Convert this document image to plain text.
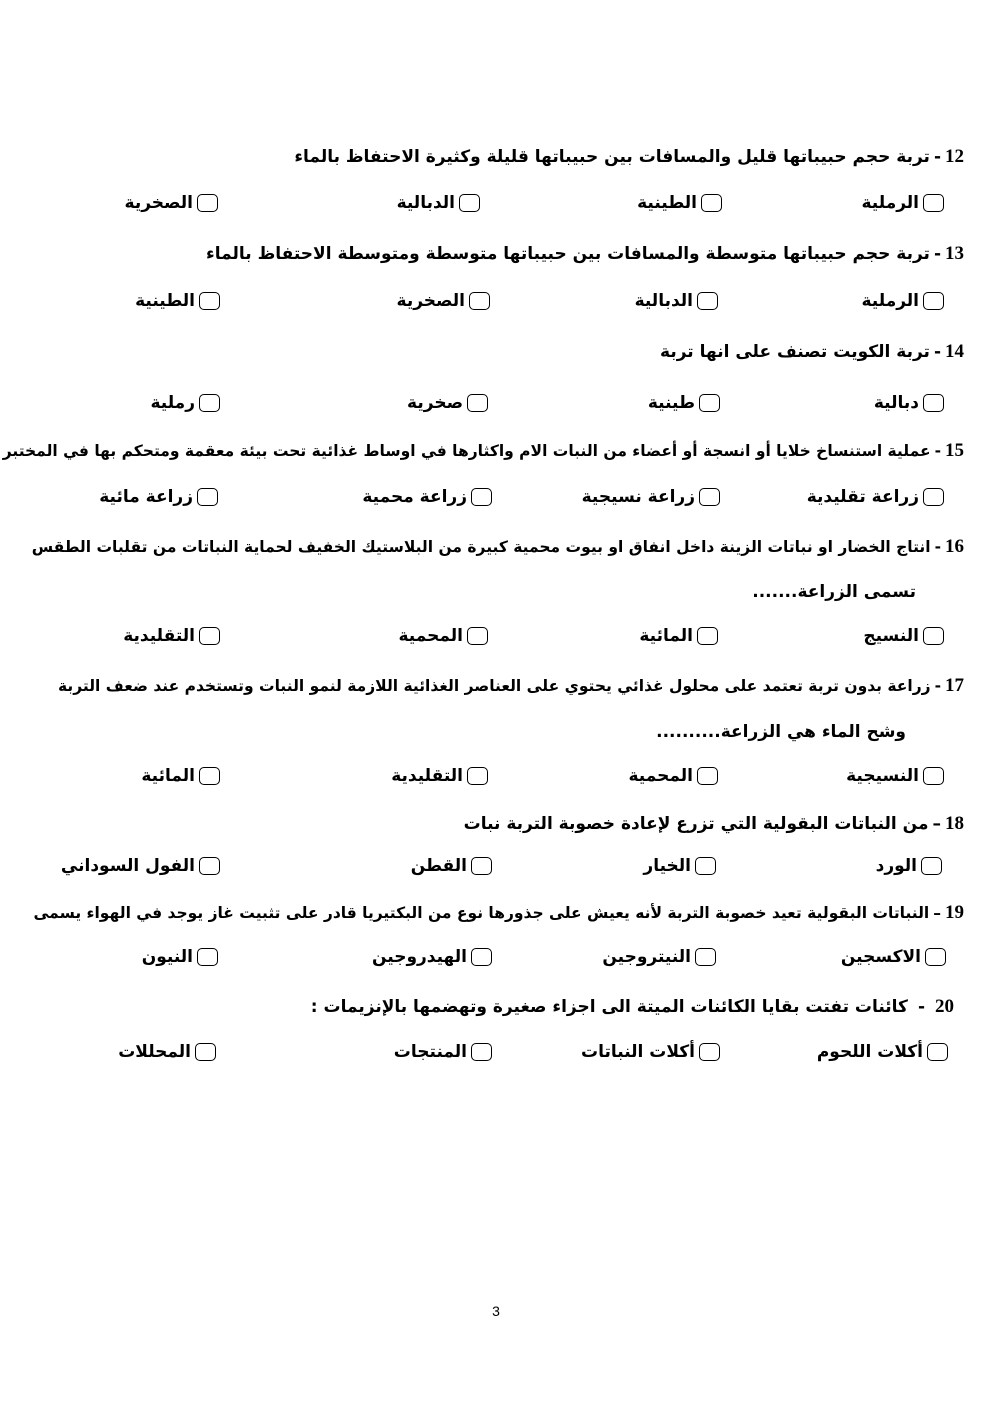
12-تربة حجم حبيباتها قليل والمسافات بين حبيباتها قليلة وكثيرة الاحتفاظ بالماء
الرملية
الطينية
الدبالية
الصخرية
13-تربة حجم حبيباتها متوسطة والمسافات بين حبيباتها متوسطة ومتوسطة الاحتفاظ بالماء
الرملية
الدبالية
الصخرية
الطينية
14-تربة الكويت تصنف على انها تربة
دبالية
طينية
صخرية
رملية
15-عملية استنساخ خلايا أو انسجة أو أعضاء من النبات الام واكثارها في اوساط غذائية تحت بيئة معقمة ومتحكم بها في المختبر
زراعة تقليدية
زراعة نسيجية
زراعة محمية
زراعة مائية
16-انتاج الخضار او نباتات الزينة داخل انفاق او بيوت محمية كبيرة من البلاستيك الخفيف لحماية النباتات من تقلبات الطقس
تسمى الزراعة.......
النسيج
المائية
المحمية
التقليدية
17-زراعة بدون تربة تعتمد على محلول غذائي يحتوي على العناصر الغذائية اللازمة لنمو النبات وتستخدم عند ضعف التربة
وشح الماء هي الزراعة..........
النسيجية
المحمية
التقليدية
المائية
18–من النباتات البقولية التي تزرع لإعادة خصوبة التربة نبات
الورد
الخيار
القطن
الفول السوداني
19–النباتات البقولية تعيد خصوبة التربة لأنه يعيش على جذورها نوع من البكتيريا قادر على تثبيت غاز يوجد في الهواء يسمى
الاكسجين
النيتروجين
الهيدروجين
النيون
20-كائنات تفتت بقايا الكائنات الميتة الى اجزاء صغيرة وتهضمها بالإنزيمات :
أكلات اللحوم
أكلات النباتات
المنتجات
المحللات
3
